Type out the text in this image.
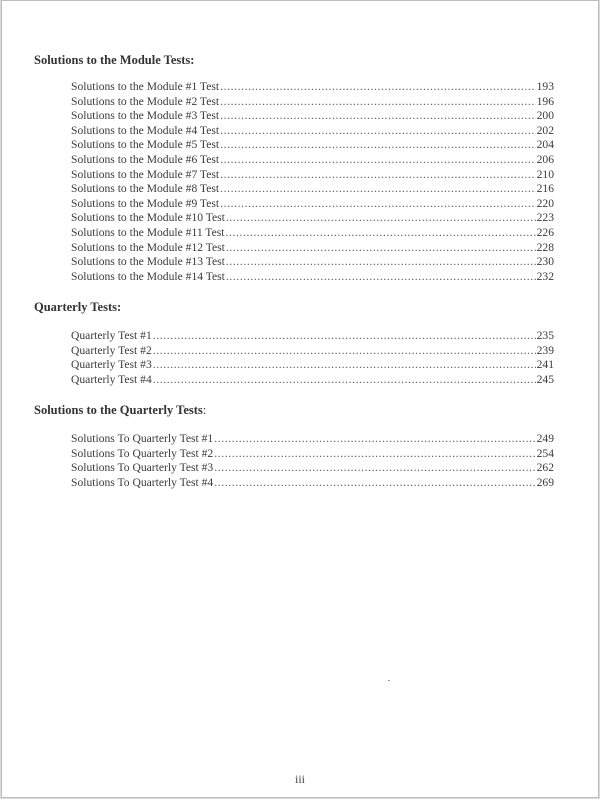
Solutions to the Module Tests:
Solutions to the Module #1 Test .....	193
Solutions to the Module #2 Test .....	196
Solutions to the Module #3 Test .....	200
Solutions to the Module #4 Test .....	202
Solutions to the Module #5 Test .....	204
Solutions to the Module #6 Test .....	206
Solutions to the Module #7 Test .....	210
Solutions to the Module #8 Test .....	216
Solutions to the Module #9 Test .....	220
Solutions to the Module #10 Test .....	223
Solutions to the Module #11 Test .....	226
Solutions to the Module #12 Test .....	228
Solutions to the Module #13 Test .....	230
Solutions to the Module #14 Test .....	232
Quarterly Tests:
Quarterly Test #1 .....	235
Quarterly Test #2 .....	239
Quarterly Test #3 .....	241
Quarterly Test #4 .....	245
Solutions to the Quarterly Tests:
Solutions To Quarterly Test #1 .....	249
Solutions To Quarterly Test #2 .....	254
Solutions To Quarterly Test #3 .....	262
Solutions To Quarterly Test #4 .....	269
iii
